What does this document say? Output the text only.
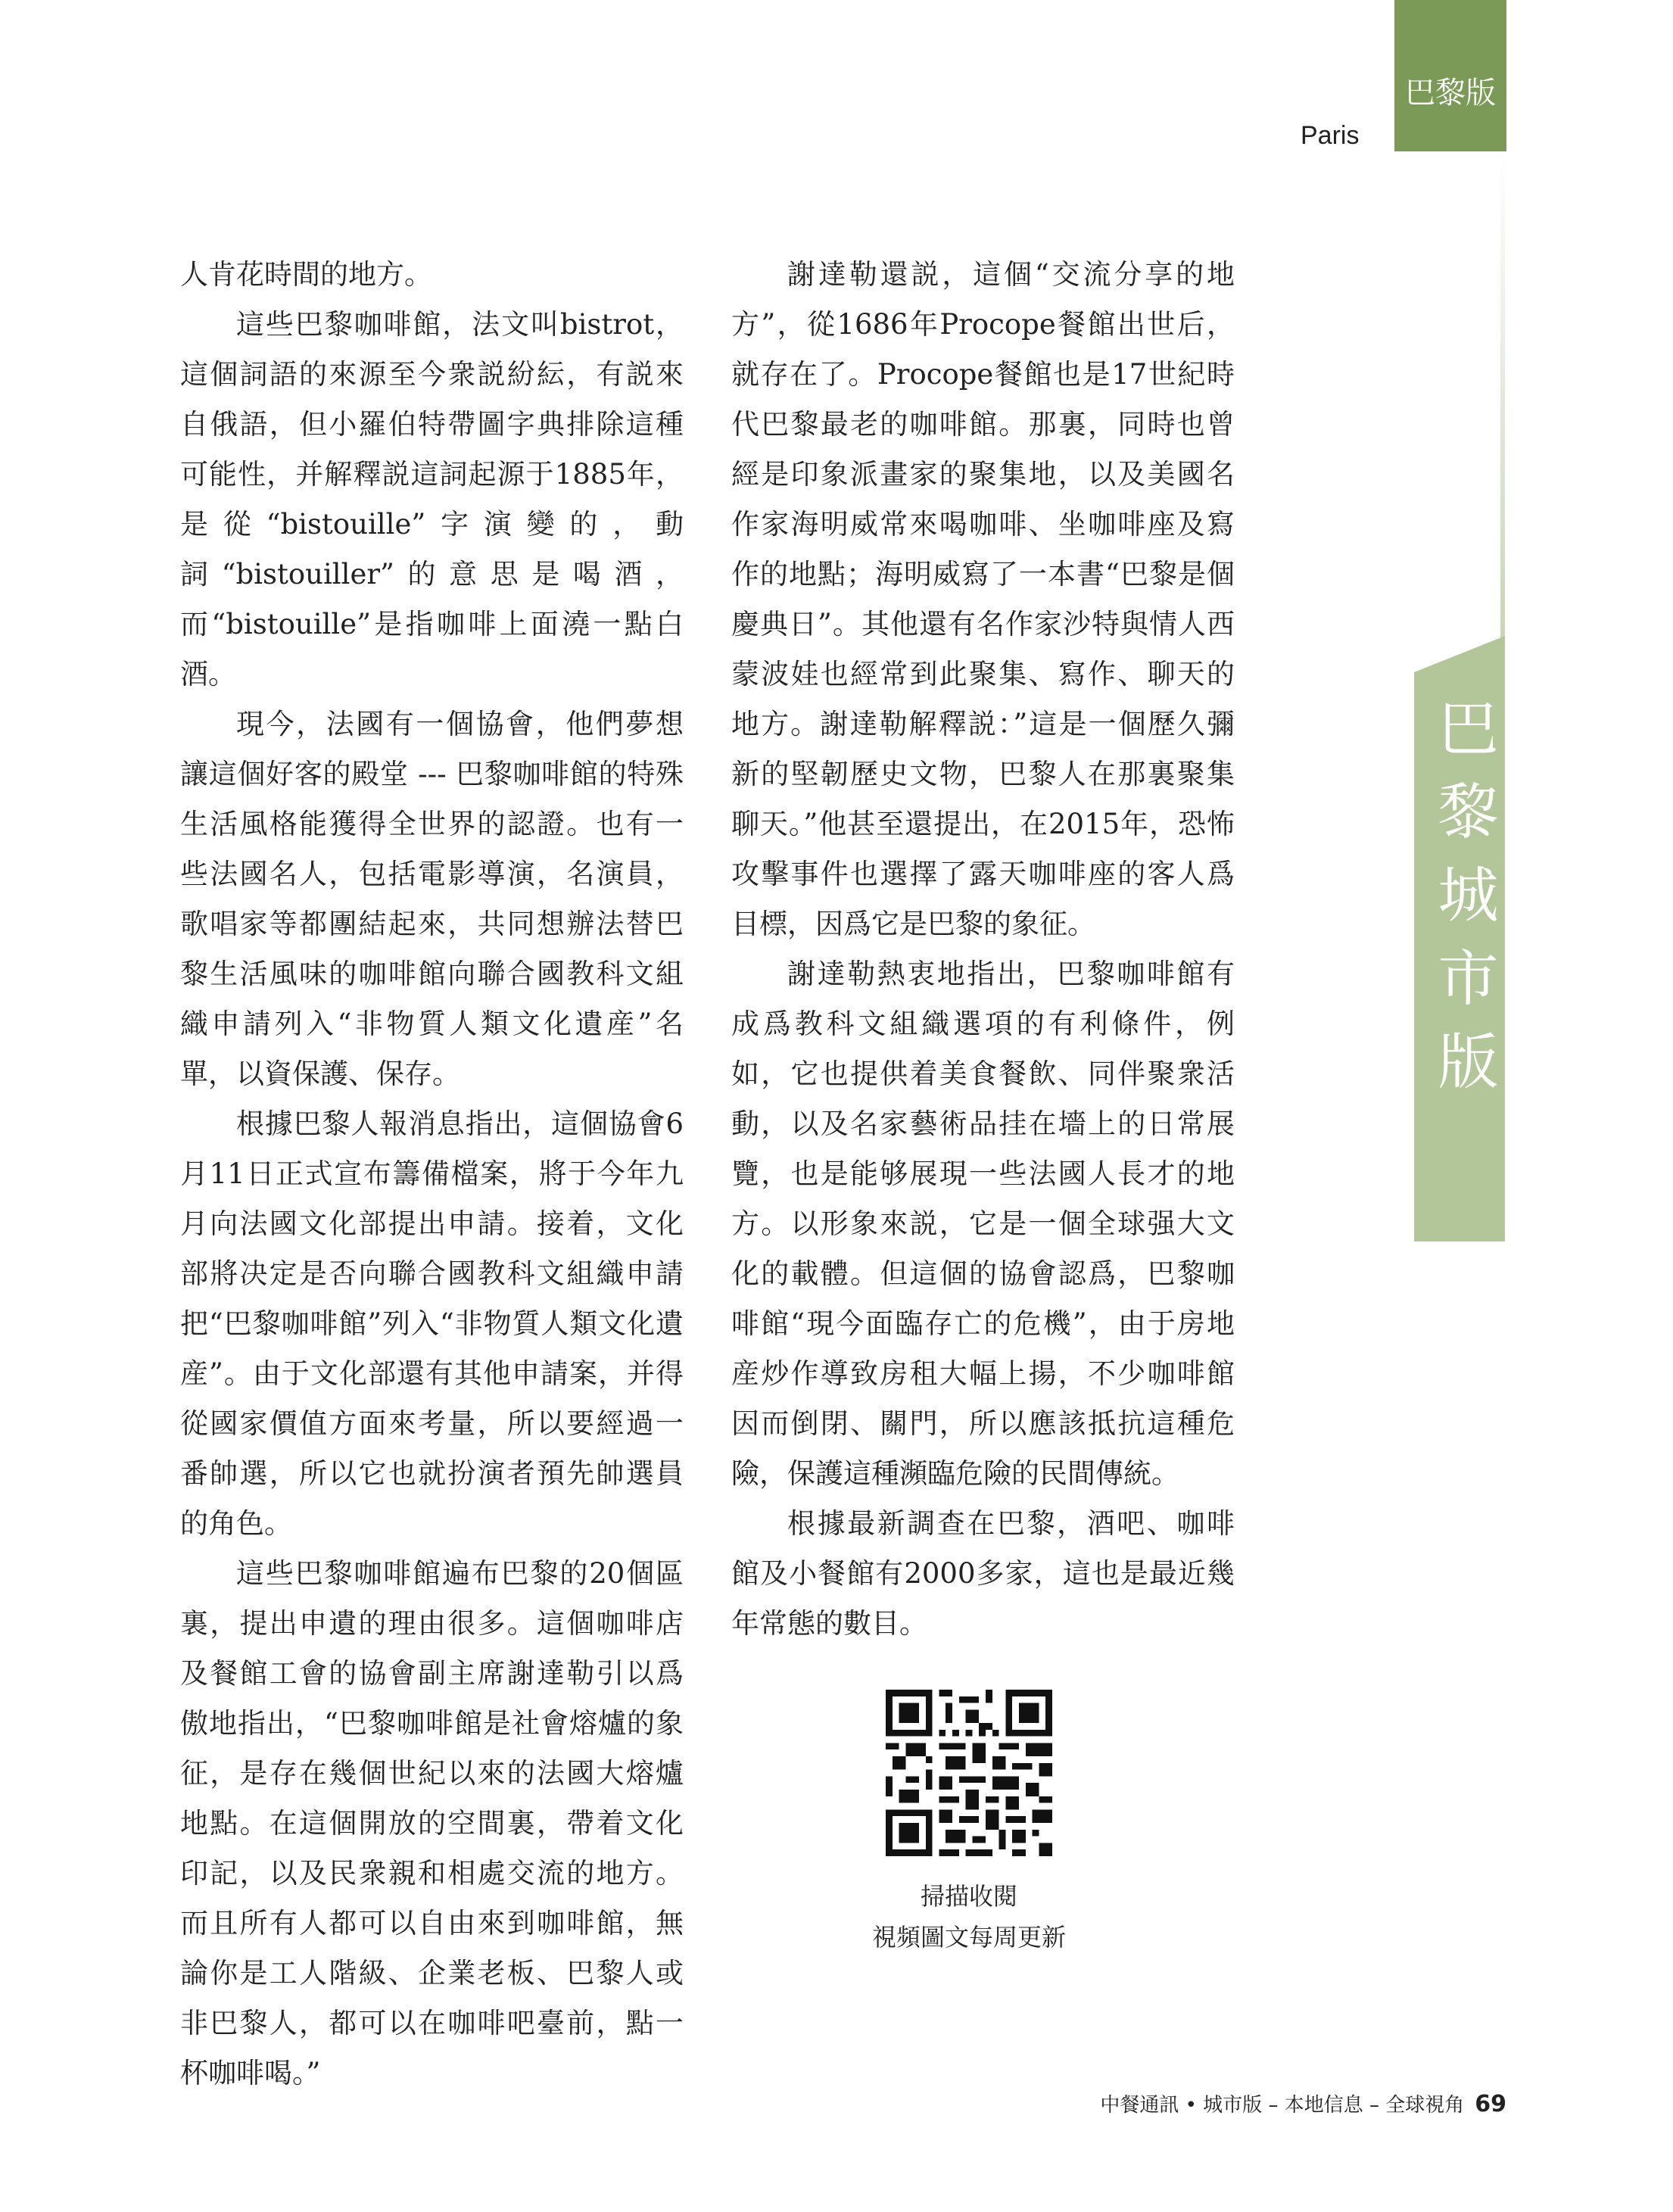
巴黎版
Paris
巴黎城市版

人肯花時間的地方。

這些巴黎咖啡館，法文叫bistrot，這個詞語的來源至今衆説紛紜，有説來自俄語，但小羅伯特帶圖字典排除這種可能性，并解釋説這詞起源于1885年，是從“bistouille”字演變的，動詞“bistouiller”的意思是喝酒，而“bistouille”是指咖啡上面澆一點白酒。

現今，法國有一個協會，他們夢想讓這個好客的殿堂 --- 巴黎咖啡館的特殊生活風格能獲得全世界的認證。也有一些法國名人，包括電影導演，名演員，歌唱家等都團結起來，共同想辦法替巴黎生活風味的咖啡館向聯合國教科文組織申請列入“非物質人類文化遺産”名單，以資保護、保存。

根據巴黎人報消息指出，這個協會6月11日正式宣布籌備檔案，將于今年九月向法國文化部提出申請。接着，文化部將决定是否向聯合國教科文組織申請把“巴黎咖啡館”列入“非物質人類文化遺産”。由于文化部還有其他申請案，并得從國家價值方面來考量，所以要經過一番帥選，所以它也就扮演者預先帥選員的角色。

這些巴黎咖啡館遍布巴黎的20個區裏，提出申遺的理由很多。這個咖啡店及餐館工會的協會副主席謝達勒引以爲傲地指出，“巴黎咖啡館是社會熔爐的象征，是存在幾個世紀以來的法國大熔爐地點。在這個開放的空間裏，帶着文化印記，以及民衆親和相處交流的地方。而且所有人都可以自由來到咖啡館，無論你是工人階級、企業老板、巴黎人或非巴黎人，都可以在咖啡吧臺前，點一杯咖啡喝。”

謝達勒還説，這個“交流分享的地方”，從1686年Procope餐館出世后，就存在了。Procope餐館也是17世紀時代巴黎最老的咖啡館。那裏，同時也曾經是印象派畫家的聚集地，以及美國名作家海明威常來喝咖啡、坐咖啡座及寫作的地點；海明威寫了一本書“巴黎是個慶典日”。其他還有名作家沙特與情人西蒙波娃也經常到此聚集、寫作、聊天的地方。謝達勒解釋説：”這是一個歷久彌新的堅韌歷史文物，巴黎人在那裏聚集聊天。”他甚至還提出，在2015年，恐怖攻擊事件也選擇了露天咖啡座的客人爲目標，因爲它是巴黎的象征。

謝達勒熱衷地指出，巴黎咖啡館有成爲教科文組織選項的有利條件，例如，它也提供着美食餐飲、同伴聚衆活動，以及名家藝術品挂在墻上的日常展覽，也是能够展現一些法國人長才的地方。以形象來説，它是一個全球强大文化的載體。但這個的協會認爲，巴黎咖啡館“現今面臨存亡的危機”，由于房地産炒作導致房租大幅上揚，不少咖啡館因而倒閉、關門，所以應該抵抗這種危險，保護這種瀕臨危險的民間傳統。

根據最新調查在巴黎，酒吧、咖啡館及小餐館有2000多家，這也是最近幾年常態的數目。

掃描收閱
視頻圖文每周更新
中餐通訊 • 城市版 – 本地信息 – 全球視角 69
